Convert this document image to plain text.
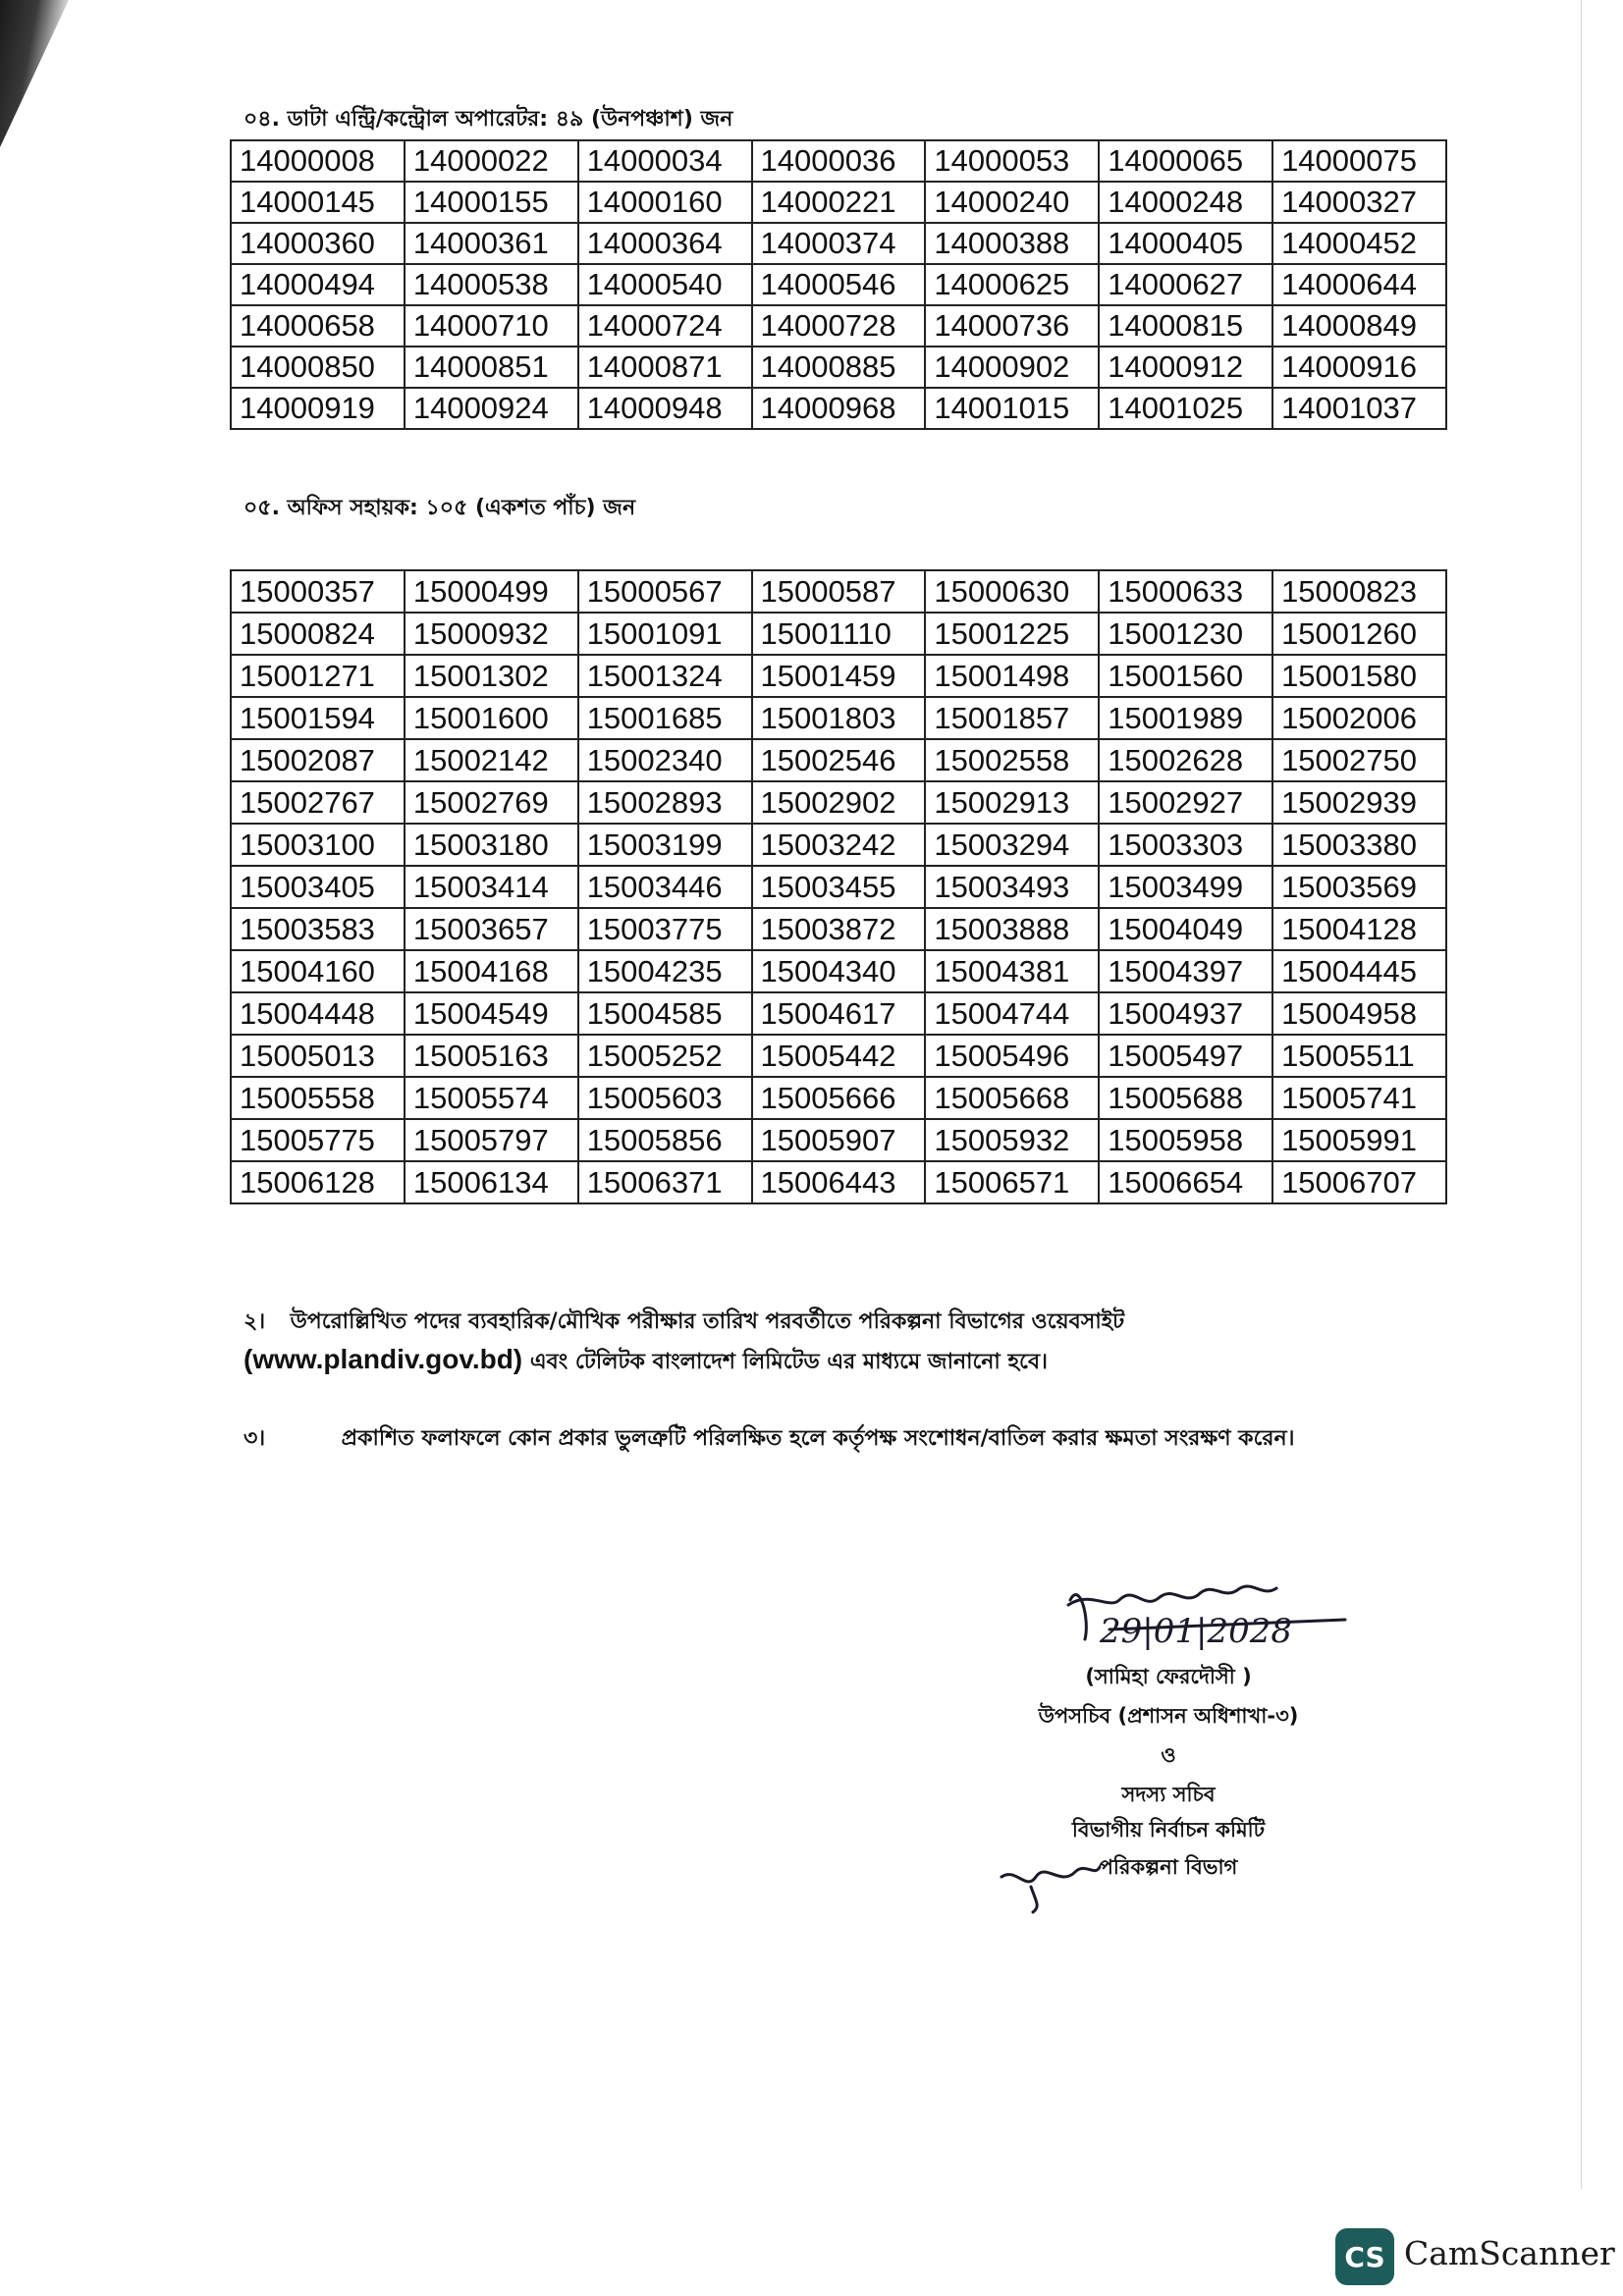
০৪. ডাটা এন্ট্রি/কন্ট্রোল অপারেটর: ৪৯ (উনপঞ্চাশ) জন
14000008	14000022	14000034	14000036	14000053	14000065	14000075
14000145	14000155	14000160	14000221	14000240	14000248	14000327
14000360	14000361	14000364	14000374	14000388	14000405	14000452
14000494	14000538	14000540	14000546	14000625	14000627	14000644
14000658	14000710	14000724	14000728	14000736	14000815	14000849
14000850	14000851	14000871	14000885	14000902	14000912	14000916
14000919	14000924	14000948	14000968	14001015	14001025	14001037
০৫. অফিস সহায়ক: ১০৫ (একশত পাঁচ) জন
15000357	15000499	15000567	15000587	15000630	15000633	15000823
15000824	15000932	15001091	15001110	15001225	15001230	15001260
15001271	15001302	15001324	15001459	15001498	15001560	15001580
15001594	15001600	15001685	15001803	15001857	15001989	15002006
15002087	15002142	15002340	15002546	15002558	15002628	15002750
15002767	15002769	15002893	15002902	15002913	15002927	15002939
15003100	15003180	15003199	15003242	15003294	15003303	15003380
15003405	15003414	15003446	15003455	15003493	15003499	15003569
15003583	15003657	15003775	15003872	15003888	15004049	15004128
15004160	15004168	15004235	15004340	15004381	15004397	15004445
15004448	15004549	15004585	15004617	15004744	15004937	15004958
15005013	15005163	15005252	15005442	15005496	15005497	15005511
15005558	15005574	15005603	15005666	15005668	15005688	15005741
15005775	15005797	15005856	15005907	15005932	15005958	15005991
15006128	15006134	15006371	15006443	15006571	15006654	15006707
২। উপরোল্লিখিত পদের ব্যবহারিক/মৌখিক পরীক্ষার তারিখ পরবর্তীতে পরিকল্পনা বিভাগের ওয়েবসাইট
(www.plandiv.gov.bd) এবং টেলিটক বাংলাদেশ লিমিটেড এর মাধ্যমে জানানো হবে।
৩।	প্রকাশিত ফলাফলে কোন প্রকার ভুলত্রুটি পরিলক্ষিত হলে কর্তৃপক্ষ সংশোধন/বাতিল করার ক্ষমতা সংরক্ষণ করেন।
29|01|2028
(সামিহা ফেরদৌসী )
উপসচিব (প্রশাসন অধিশাখা-৩)
ও
সদস্য সচিব
বিভাগীয় নির্বাচন কমিটি
পরিকল্পনা বিভাগ
CS CamScanner
